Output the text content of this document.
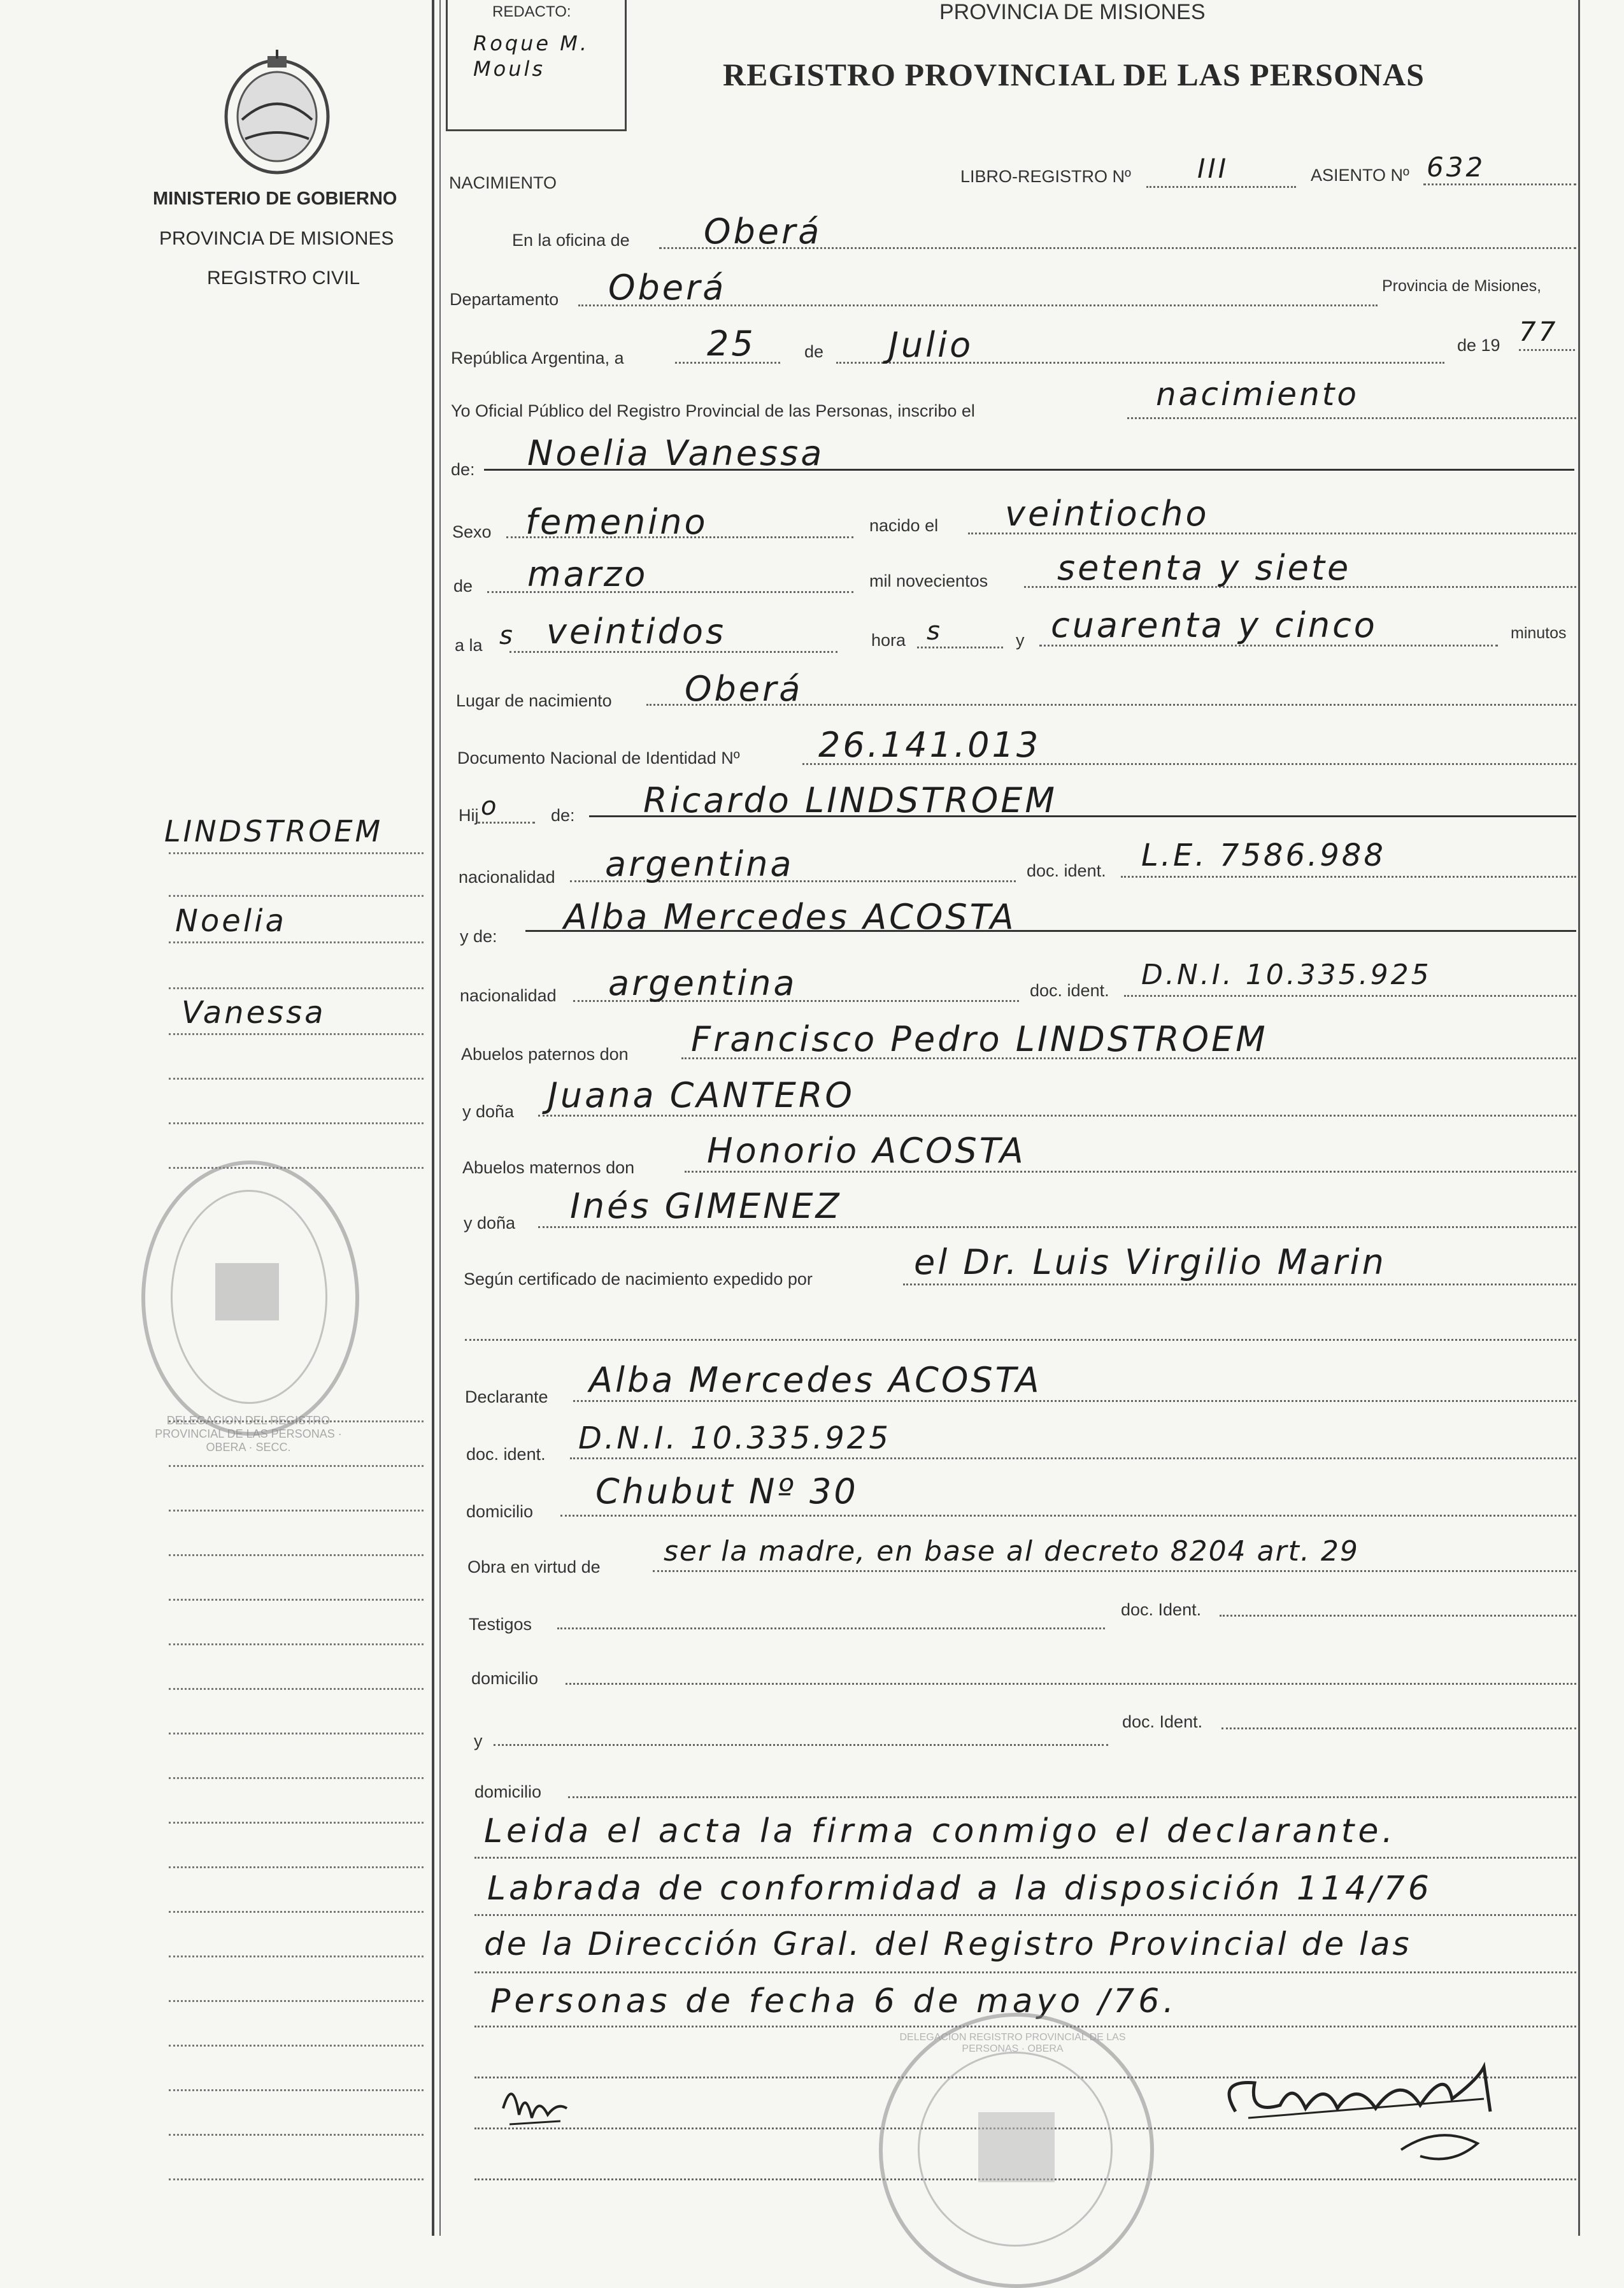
REDACTO:
Roque M. Mouls
PROVINCIA DE MISIONES
REGISTRO PROVINCIAL DE LAS PERSONAS
MINISTERIO DE GOBIERNO
PROVINCIA DE MISIONES
REGISTRO CIVIL
LINDSTROEM
Noelia
Vanessa
DELEGACION DEL REGISTRO PROVINCIAL DE LAS PERSONAS · OBERA · SECC.
NACIMIENTO	LIBRO-REGISTRO Nº III	ASIENTO Nº 632
En la oficina de Oberá
Departamento Oberá	Provincia de Misiones,
República Argentina, a 25	de Julio	de 19 77
Yo Oficial Público del Registro Provincial de las Personas, inscribo el	nacimiento
de: Noelia Vanessa
Sexo femenino	nacido el veintiocho
de marzo	mil novecientos setenta y siete
a la s veintidos	hora s	y cuarenta y cinco	minutos
Lugar de nacimiento Oberá
Documento Nacional de Identidad Nº 26.141.013
Hij o	de: Ricardo LINDSTROEM
nacionalidad argentina	doc. ident. L.E. 7586.988
y de: Alba Mercedes ACOSTA
nacionalidad argentina	doc. ident. D.N.I. 10.335.925
Abuelos paternos don Francisco Pedro LINDSTROEM
y doña Juana CANTERO
Abuelos maternos don Honorio ACOSTA
y doña Inés GIMENEZ
Según certificado de nacimiento expedido por	el Dr. Luis Virgilio Marin
Declarante Alba Mercedes ACOSTA
doc. ident. D.N.I. 10.335.925
domicilio Chubut Nº 30
Obra en virtud de ser la madre, en base al decreto 8204 art. 29
Testigos
doc. Ident.
domicilio
y
doc. Ident.
domicilio
Leida el acta la firma conmigo el declarante.
Labrada de conformidad a la disposición 114/76
de la Dirección Gral. del Registro Provincial de las
Personas de fecha 6 de mayo /76.
DELEGACION REGISTRO PROVINCIAL DE LAS PERSONAS · OBERA
